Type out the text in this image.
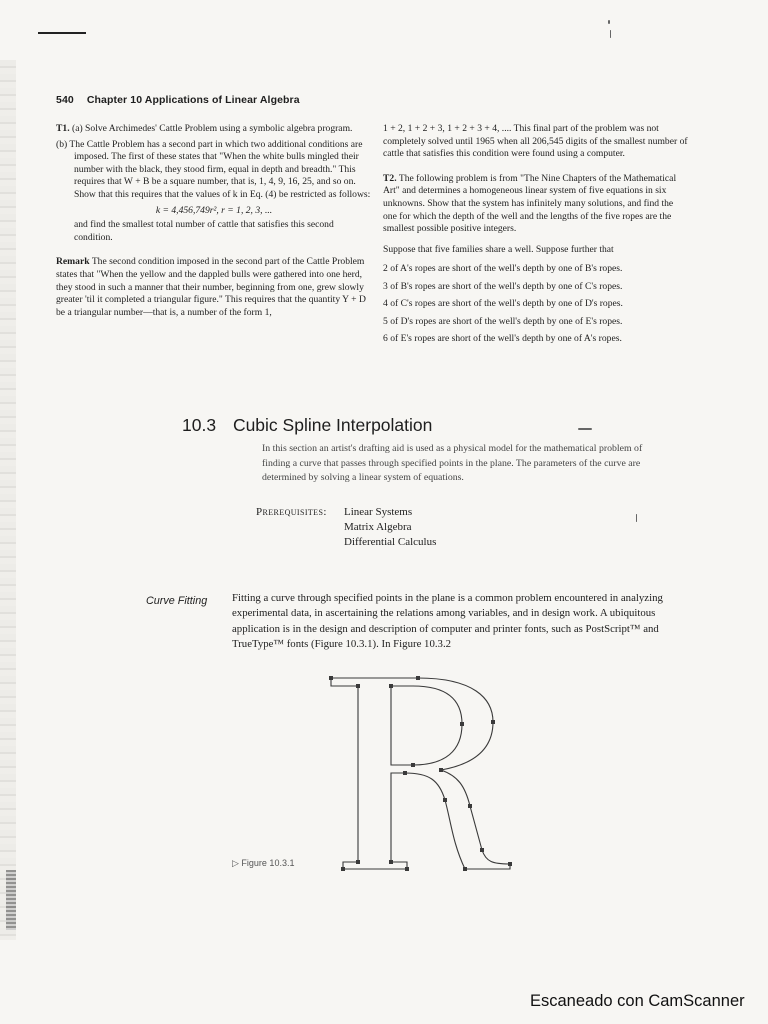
540 Chapter 10 Applications of Linear Algebra

T1. (a) Solve Archimedes' Cattle Problem using a symbolic algebra program.

(b) The Cattle Problem has a second part in which two additional conditions are imposed. The first of these states that "When the white bulls mingled their number with the black, they stood firm, equal in depth and breadth." This requires that W + B be a square number, that is, 1, 4, 9, 16, 25, and so on. Show that this requires that the values of k in Eq. (4) be restricted as follows:

k = 4,456,749r², r = 1, 2, 3, ...

and find the smallest total number of cattle that satisfies this second condition.

Remark The second condition imposed in the second part of the Cattle Problem states that "When the yellow and the dappled bulls were gathered into one herd, they stood in such a manner that their number, beginning from one, grew slowly greater 'til it completed a triangular figure." This requires that the quantity Y + D be a triangular number—that is, a number of the form 1,

1 + 2, 1 + 2 + 3, 1 + 2 + 3 + 4, .... This final part of the problem was not completely solved until 1965 when all 206,545 digits of the smallest number of cattle that satisfies this condition were found using a computer.

T2. The following problem is from "The Nine Chapters of the Mathematical Art" and determines a homogeneous linear system of five equations in six unknowns. Show that the system has infinitely many solutions, and find the one for which the depth of the well and the lengths of the five ropes are the smallest possible positive integers.

Suppose that five families share a well. Suppose further that

2 of A's ropes are short of the well's depth by one of B's ropes.

3 of B's ropes are short of the well's depth by one of C's ropes.

4 of C's ropes are short of the well's depth by one of D's ropes.

5 of D's ropes are short of the well's depth by one of E's ropes.

6 of E's ropes are short of the well's depth by one of A's ropes.

10.3 Cubic Spline Interpolation
In this section an artist's drafting aid is used as a physical model for the mathematical problem of finding a curve that passes through specified points in the plane. The parameters of the curve are determined by solving a linear system of equations.
Prerequisites: Linear Systems
Matrix Algebra
Differential Calculus
Curve Fitting Fitting a curve through specified points in the plane is a common problem encountered in analyzing experimental data, in ascertaining the relations among variables, and in design work. A ubiquitous application is in the design and description of computer and printer fonts, such as PostScript™ and TrueType™ fonts (Figure 10.3.1). In Figure 10.3.2
▷ Figure 10.3.1
Escaneado con CamScanner
